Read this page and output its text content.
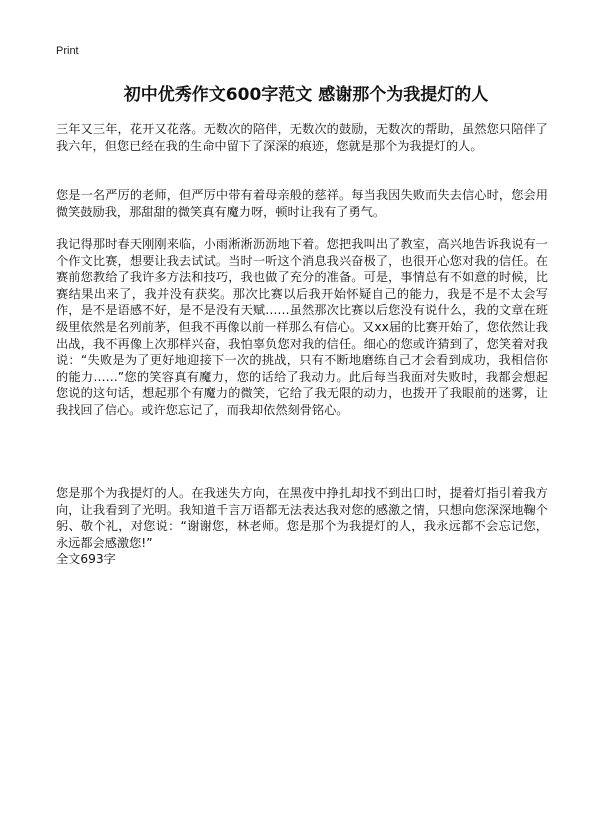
Print
初中优秀作文600字范文 感谢那个为我提灯的人

三年又三年，花开又花落。无数次的陪伴，无数次的鼓励，无数次的帮助，虽然您只陪伴了我六年，但您已经在我的生命中留下了深深的痕迹，您就是那个为我提灯的人。

您是一名严厉的老师，但严厉中带有着母亲般的慈祥。每当我因失败而失去信心时，您会用微笑鼓励我，那甜甜的微笑真有魔力呀，顿时让我有了勇气。

我记得那时春天刚刚来临，小雨淅淅沥沥地下着。您把我叫出了教室，高兴地告诉我说有一个作文比赛，想要让我去试试。当时一听这个消息我兴奋极了，也很开心您对我的信任。在赛前您教给了我许多方法和技巧，我也做了充分的准备。可是，事情总有不如意的时候，比赛结果出来了，我并没有获奖。那次比赛以后我开始怀疑自己的能力，我是不是不太会写作，是不是语感不好，是不是没有天赋……虽然那次比赛以后您没有说什么，我的文章在班级里依然是名列前茅，但我不再像以前一样那么有信心。又xx届的比赛开始了，您依然让我出战，我不再像上次那样兴奋，我怕辜负您对我的信任。细心的您或许猜到了，您笑着对我说：“失败是为了更好地迎接下一次的挑战，只有不断地磨练自己才会看到成功，我相信你的能力……”您的笑容真有魔力，您的话给了我动力。此后每当我面对失败时，我都会想起您说的这句话，想起那个有魔力的微笑，它给了我无限的动力，也拨开了我眼前的迷雾，让我找回了信心。或许您忘记了，而我却依然刻骨铭心。

您是那个为我提灯的人。在我迷失方向，在黑夜中挣扎却找不到出口时，提着灯指引着我方向，让我看到了光明。我知道千言万语都无法表达我对您的感激之情，只想向您深深地鞠个躬、敬个礼，对您说：“谢谢您，林老师。您是那个为我提灯的人，我永远都不会忘记您，永远都会感激您!”

全文693字
